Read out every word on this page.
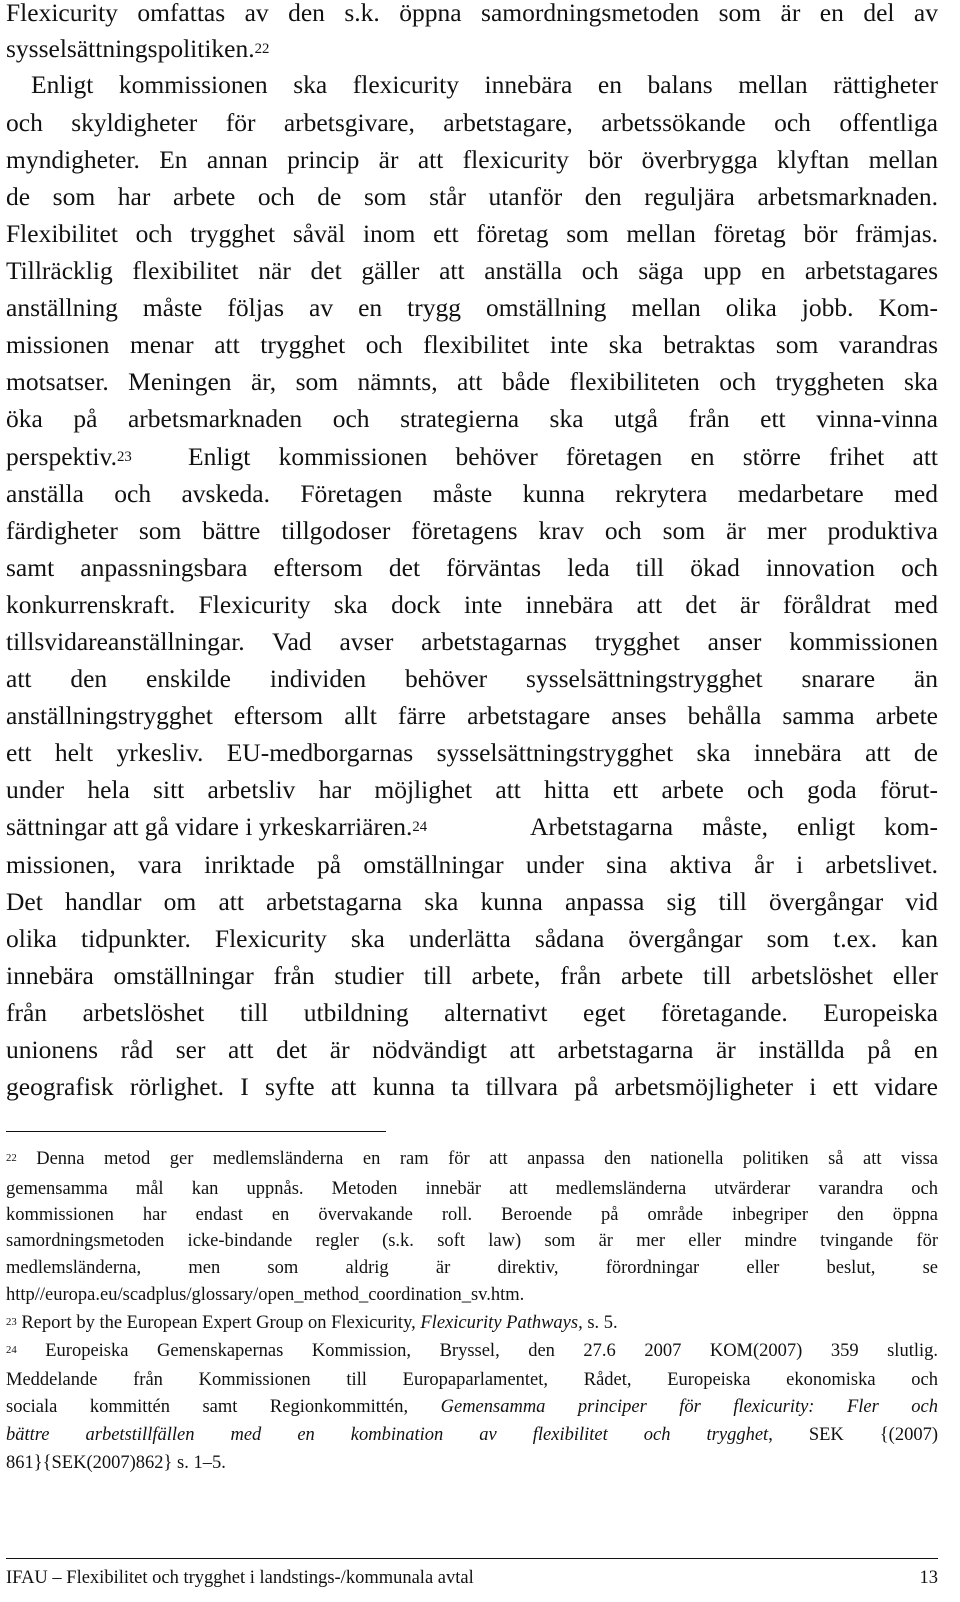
Flexicurity omfattas av den s.k. öppna samordningsmetoden som är en del av
sysselsättningspolitiken.$^{22}$
Enligt kommissionen ska flexicurity innebära en balans mellan rättigheter
och skyldigheter för arbetsgivare, arbetstagare, arbetssökande och offentliga
myndigheter. En annan princip är att flexicurity bör överbrygga klyftan mellan
de som har arbete och de som står utanför den reguljära arbetsmarknaden.
Flexibilitet och trygghet såväl inom ett företag som mellan företag bör främjas.
Tillräcklig flexibilitet när det gäller att anställa och säga upp en arbetstagares
anställning måste följas av en trygg omställning mellan olika jobb. Kom-
missionen menar att trygghet och flexibilitet inte ska betraktas som varandras
motsatser. Meningen är, som nämnts, att både flexibiliteten och tryggheten ska
öka på arbetsmarknaden och strategierna ska utgå från ett vinna-vinna
perspektiv.$^{23}$	Enligt kommissionen behöver företagen en större frihet att
anställa och avskeda. Företagen måste kunna rekrytera medarbetare med
färdigheter som bättre tillgodoser företagens krav och som är mer produktiva
samt anpassningsbara eftersom det förväntas leda till ökad innovation och
konkurrenskraft. Flexicurity ska dock inte innebära att det är föråldrat med
tillsvidareanställningar. Vad avser arbetstagarnas trygghet anser kommissionen
att den enskilde individen behöver sysselsättningstrygghet snarare än
anställningstrygghet eftersom allt färre arbetstagare anses behålla samma arbete
ett helt yrkesliv. EU-medborgarnas sysselsättningstrygghet ska innebära att de
under hela sitt arbetsliv har möjlighet att hitta ett arbete och goda förut-
sättningar att gå vidare i yrkeskarriären.$^{24}$	Arbetstagarna måste, enligt kom-
missionen, vara inriktade på omställningar under sina aktiva år i arbetslivet.
Det handlar om att arbetstagarna ska kunna anpassa sig till övergångar vid
olika tidpunkter. Flexicurity ska underlätta sådana övergångar som t.ex. kan
innebära omställningar från studier till arbete, från arbete till arbetslöshet eller
från arbetslöshet till utbildning alternativt eget företagande. Europeiska
unionens råd ser att det är nödvändigt att arbetstagarna är inställda på en
geografisk rörlighet. I syfte att kunna ta tillvara på arbetsmöjligheter i ett vidare
$^{22}$ Denna metod ger medlemsländerna en ram för att anpassa den nationella politiken så att vissa
gemensamma mål kan uppnås. Metoden innebär att medlemsländerna utvärderar varandra och
kommissionen har endast en övervakande roll. Beroende på område inbegriper den öppna
samordningsmetoden icke-bindande regler (s.k. soft law) som är mer eller mindre tvingande för
medlemsländerna, men som aldrig är direktiv, förordningar eller beslut, se
http//europa.eu/scadplus/glossary/open_method_coordination_sv.htm.
$^{23}$ Report by the European Expert Group on Flexicurity, Flexicurity Pathways, s. 5.
$^{24}$ Europeiska Gemenskapernas Kommission, Bryssel, den 27.6 2007 KOM(2007) 359 slutlig.
Meddelande från Kommissionen till Europaparlamentet, Rådet, Europeiska ekonomiska och
sociala kommittén samt Regionkommittén, Gemensamma principer för flexicurity: Fler och
bättre arbetstillfällen med en kombination av flexibilitet och trygghet, SEK {(2007)
861}{SEK(2007)862} s. 1–5.
IFAU – Flexibilitet och trygghet i landstings-/kommunala avtal	13
